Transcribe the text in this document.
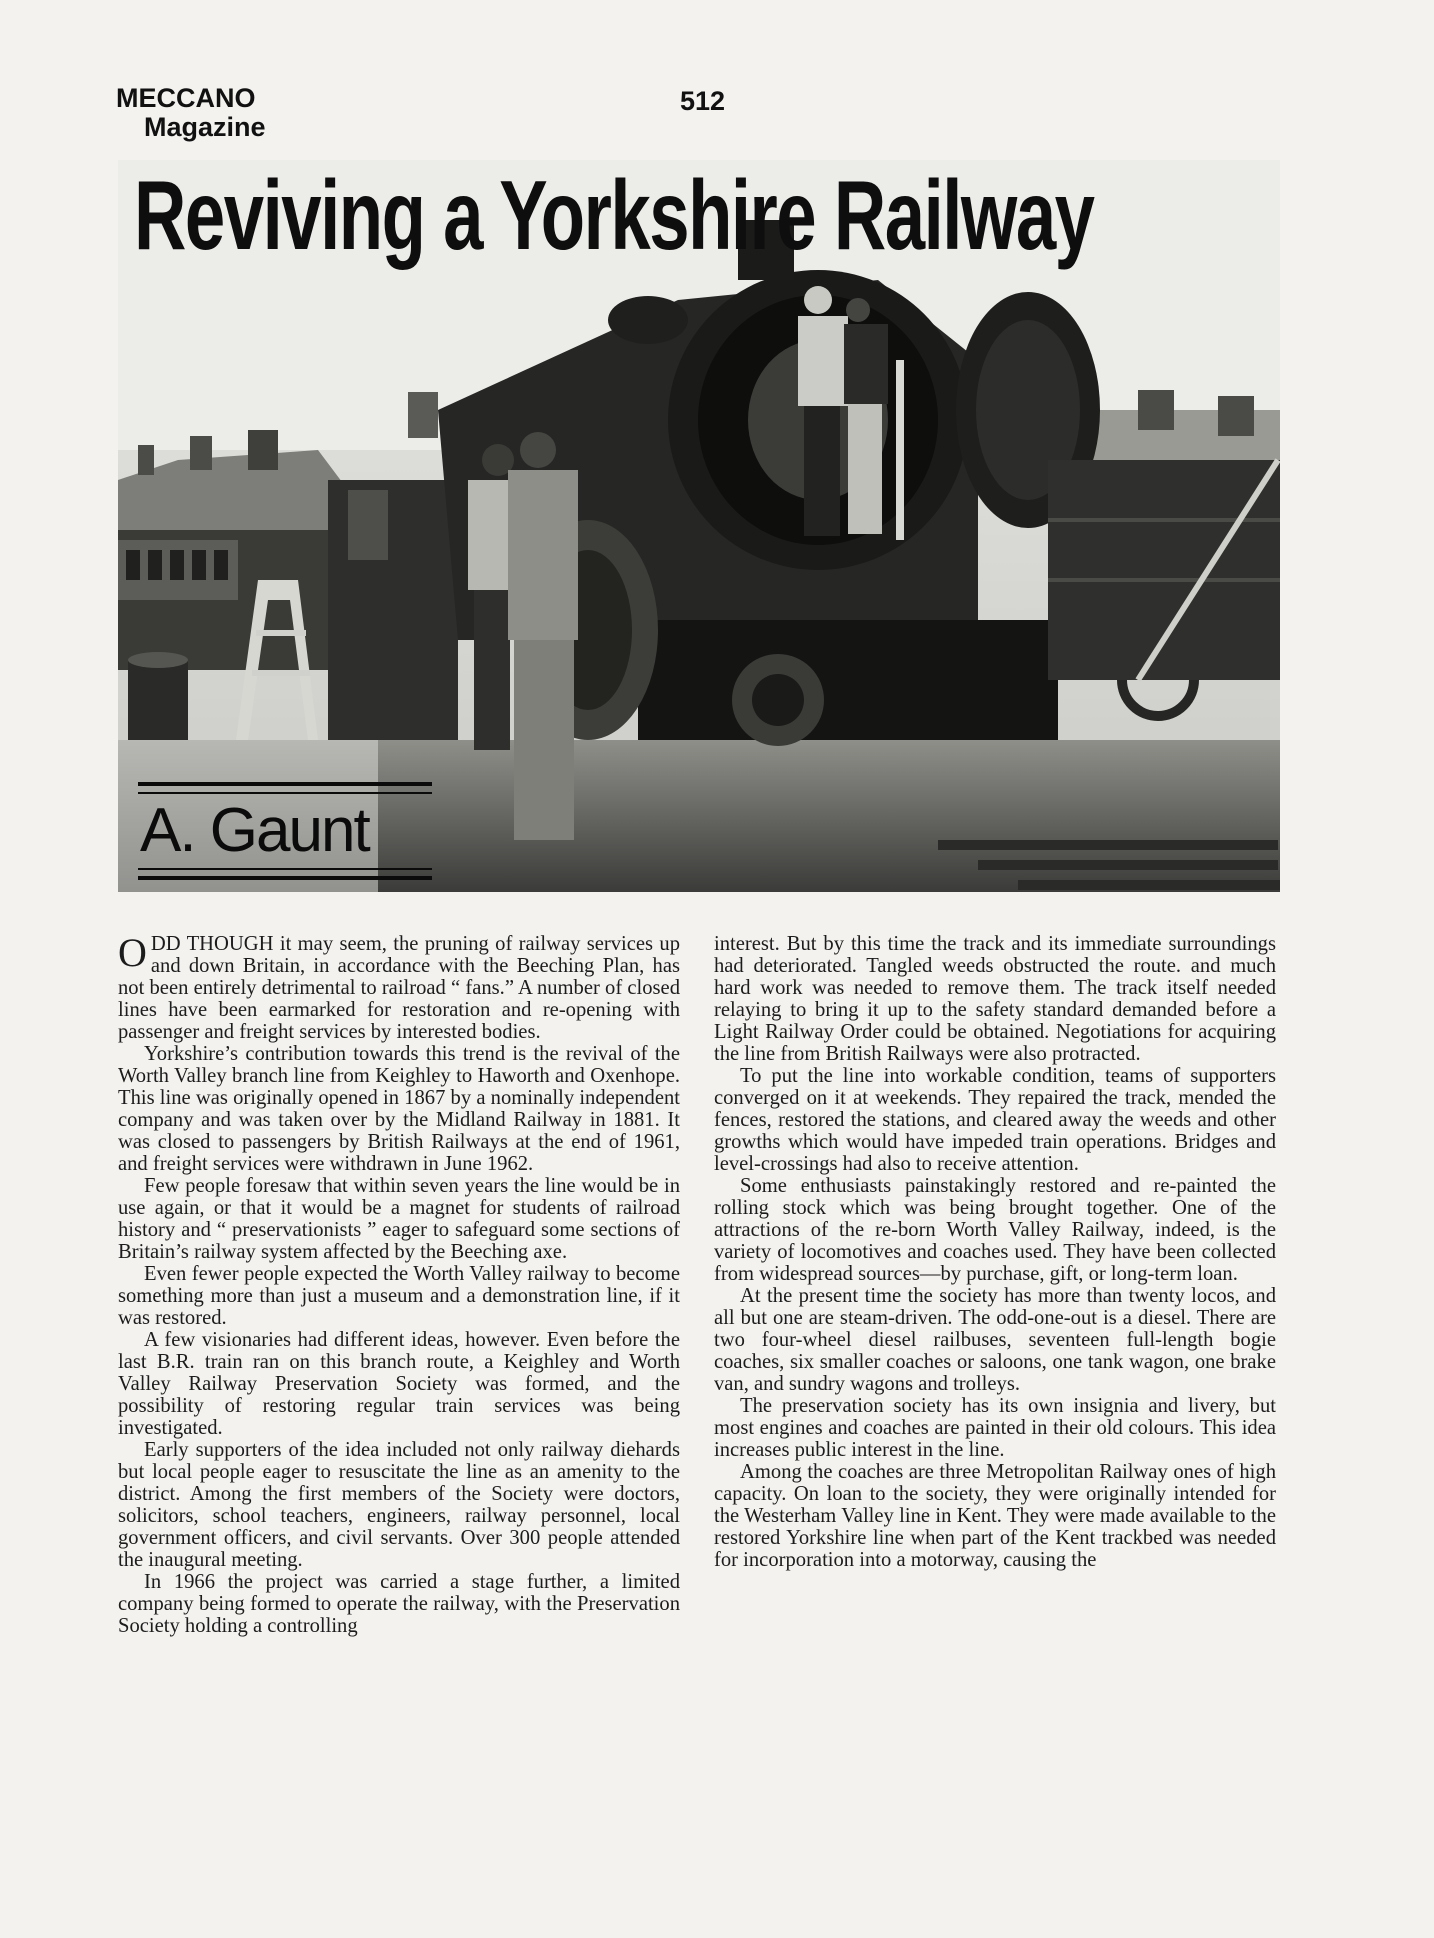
MECCANO
Magazine
512
Reviving a Yorkshire Railway
A. Gaunt

ODD THOUGH it may seem, the pruning of railway services up and down Britain, in accordance with the Beeching Plan, has not been entirely detrimental to railroad “ fans.” A number of closed lines have been earmarked for restoration and re-opening with passenger and freight services by interested bodies.

Yorkshire’s contribution towards this trend is the revival of the Worth Valley branch line from Keighley to Haworth and Oxenhope. This line was originally opened in 1867 by a nominally independent company and was taken over by the Midland Railway in 1881. It was closed to passengers by British Railways at the end of 1961, and freight services were withdrawn in June 1962.

Few people foresaw that within seven years the line would be in use again, or that it would be a magnet for students of railroad history and “ preservationists ” eager to safeguard some sections of Britain’s railway system affected by the Beeching axe.

Even fewer people expected the Worth Valley railway to become something more than just a museum and a demonstration line, if it was restored.

A few visionaries had different ideas, however. Even before the last B.R. train ran on this branch route, a Keighley and Worth Valley Railway Preservation Society was formed, and the possibility of restoring regular train services was being investigated.

Early supporters of the idea included not only railway diehards but local people eager to resuscitate the line as an amenity to the district. Among the first members of the Society were doctors, solicitors, school teachers, engineers, railway personnel, local government officers, and civil servants. Over 300 people attended the inaugural meeting.

In 1966 the project was carried a stage further, a limited company being formed to operate the railway, with the Preservation Society holding a controlling

interest. But by this time the track and its immediate surroundings had deteriorated. Tangled weeds obstructed the route. and much hard work was needed to remove them. The track itself needed relaying to bring it up to the safety standard demanded before a Light Railway Order could be obtained. Negotiations for acquiring the line from British Railways were also protracted.

To put the line into workable condition, teams of supporters converged on it at weekends. They repaired the track, mended the fences, restored the stations, and cleared away the weeds and other growths which would have impeded train operations. Bridges and level-crossings had also to receive attention.

Some enthusiasts painstakingly restored and re-painted the rolling stock which was being brought together. One of the attractions of the re-born Worth Valley Railway, indeed, is the variety of locomotives and coaches used. They have been collected from widespread sources—by purchase, gift, or long-term loan.

At the present time the society has more than twenty locos, and all but one are steam-driven. The odd-one-out is a diesel. There are two four-wheel diesel railbuses, seventeen full-length bogie coaches, six smaller coaches or saloons, one tank wagon, one brake van, and sundry wagons and trolleys.

The preservation society has its own insignia and livery, but most engines and coaches are painted in their old colours. This idea increases public interest in the line.

Among the coaches are three Metropolitan Railway ones of high capacity. On loan to the society, they were originally intended for the Westerham Valley line in Kent. They were made available to the restored Yorkshire line when part of the Kent trackbed was needed for incorporation into a motorway, causing the
